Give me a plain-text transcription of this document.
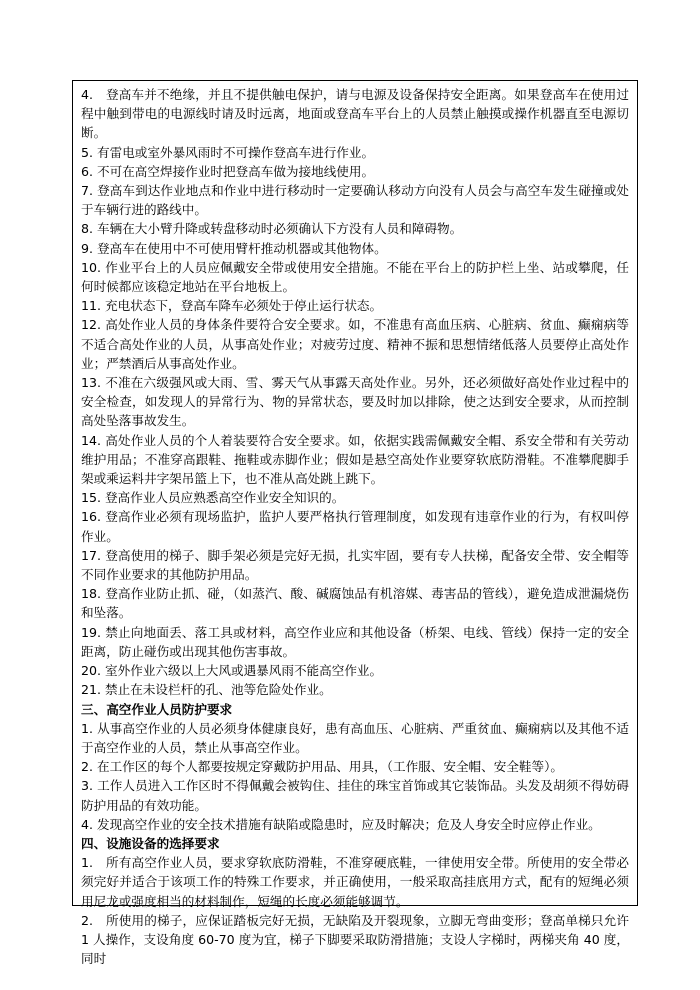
4.　登高车并不绝缘，并且不提供触电保护，请与电源及设备保持安全距离。如果登高车在使用过程中触到带电的电源线时请及时远离，地面或登高车平台上的人员禁止触摸或操作机器直至电源切断。

5. 有雷电或室外暴风雨时不可操作登高车进行作业。

6. 不可在高空焊接作业时把登高车做为接地线使用。

7. 登高车到达作业地点和作业中进行移动时一定要确认移动方向没有人员会与高空车发生碰撞或处于车辆行进的路线中。

8. 车辆在大小臂升降或转盘移动时必须确认下方没有人员和障碍物。

9. 登高车在使用中不可使用臂杆推动机器或其他物体。

10. 作业平台上的人员应佩戴安全带或使用安全措施。不能在平台上的防护栏上坐、站或攀爬，任何时候都应该稳定地站在平台地板上。

11. 充电状态下，登高车降车必须处于停止运行状态。

12. 高处作业人员的身体条件要符合安全要求。如，不准患有高血压病、心脏病、贫血、癫痫病等不适合高处作业的人员，从事高处作业；对疲劳过度、精神不振和思想情绪低落人员要停止高处作业；严禁酒后从事高处作业。

13. 不准在六级强风或大雨、雪、雾天气从事露天高处作业。另外，还必须做好高处作业过程中的安全检查，如发现人的异常行为、物的异常状态，要及时加以排除，使之达到安全要求，从而控制高处坠落事故发生。

14. 高处作业人员的个人着装要符合安全要求。如，依据实践需佩戴安全帽、系安全带和有关劳动维护用品；不准穿高跟鞋、拖鞋或赤脚作业；假如是悬空高处作业要穿软底防滑鞋。不准攀爬脚手架或乘运料井字架吊篮上下，也不准从高处跳上跳下。

15. 登高作业人员应熟悉高空作业安全知识的。

16. 登高作业必须有现场监护，监护人要严格执行管理制度，如发现有违章作业的行为，有权叫停作业。

17. 登高使用的梯子、脚手架必须是完好无损，扎实牢固，要有专人扶梯，配备安全带、安全帽等不同作业要求的其他防护用品。

18. 登高作业防止抓、碰，（如蒸汽、酸、碱腐蚀品有机溶媒、毒害品的管线），避免造成泄漏烧伤和坠落。

19. 禁止向地面丢、落工具或材料，高空作业应和其他设备（桥架、电线、管线）保持一定的安全距离，防止碰伤或出现其他伤害事故。

20. 室外作业六级以上大风或遇暴风雨不能高空作业。

21. 禁止在未设栏杆的孔、池等危险处作业。

三、高空作业人员防护要求

1. 从事高空作业的人员必须身体健康良好，患有高血压、心脏病、严重贫血、癫痫病以及其他不适于高空作业的人员，禁止从事高空作业。

2. 在工作区的每个人都要按规定穿戴防护用品、用具，（工作服、安全帽、安全鞋等）。

3. 工作人员进入工作区时不得佩戴会被钩住、挂住的珠宝首饰或其它装饰品。头发及胡须不得妨碍防护用品的有效功能。

4. 发现高空作业的安全技术措施有缺陷或隐患时，应及时解决；危及人身安全时应停止作业。

四、设施设备的选择要求

1.　所有高空作业人员，要求穿软底防滑鞋，不准穿硬底鞋，一律使用安全带。所使用的安全带必须完好并适合于该项工作的特殊工作要求，并正确使用，一般采取高挂底用方式，配有的短绳必须用尼龙或强度相当的材料制作，短绳的长度必须能够调节。

2.　所使用的梯子，应保证踏板完好无损，无缺陷及开裂现象，立脚无弯曲变形；登高单梯只允许 1 人操作，支设角度 60-70 度为宜，梯子下脚要采取防滑措施；支设人字梯时，两梯夹角 40 度，同时
